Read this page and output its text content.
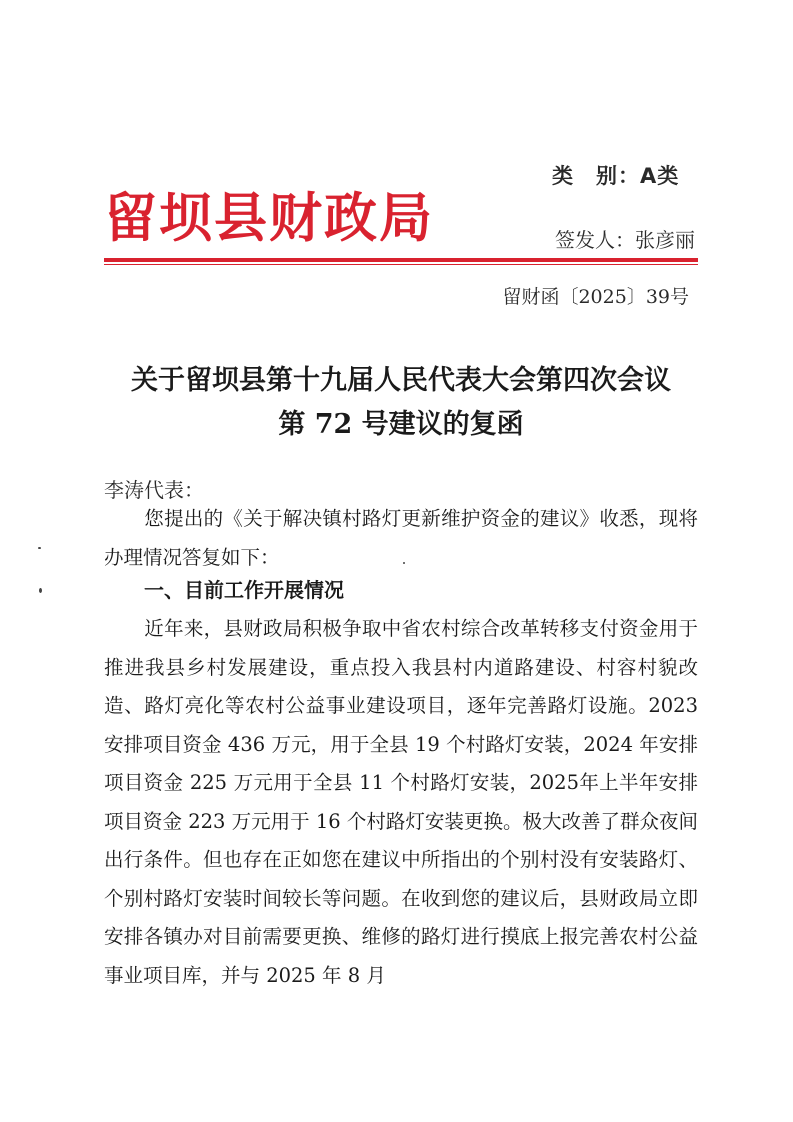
类　别：A类
留坝县财政局	签发人：张彦丽
留财函〔2025〕39号
关于留坝县第十九届人民代表大会第四次会议
第 72 号建议的复函
李涛代表：
您提出的《关于解决镇村路灯更新维护资金的建议》收悉，现将办理情况答复如下：
一、目前工作开展情况
近年来，县财政局积极争取中省农村综合改革转移支付资金用于推进我县乡村发展建设，重点投入我县村内道路建设、村容村貌改造、路灯亮化等农村公益事业建设项目，逐年完善路灯设施。2023 安排项目资金 436 万元，用于全县 19 个村路灯安装，2024 年安排项目资金 225 万元用于全县 11 个村路灯安装，2025年上半年安排项目资金 223 万元用于 16 个村路灯安装更换。极大改善了群众夜间出行条件。但也存在正如您在建议中所指出的个别村没有安装路灯、个别村路灯安装时间较长等问题。在收到您的建议后，县财政局立即安排各镇办对目前需要更换、维修的路灯进行摸底上报完善农村公益事业项目库，并与 2025 年 8 月
